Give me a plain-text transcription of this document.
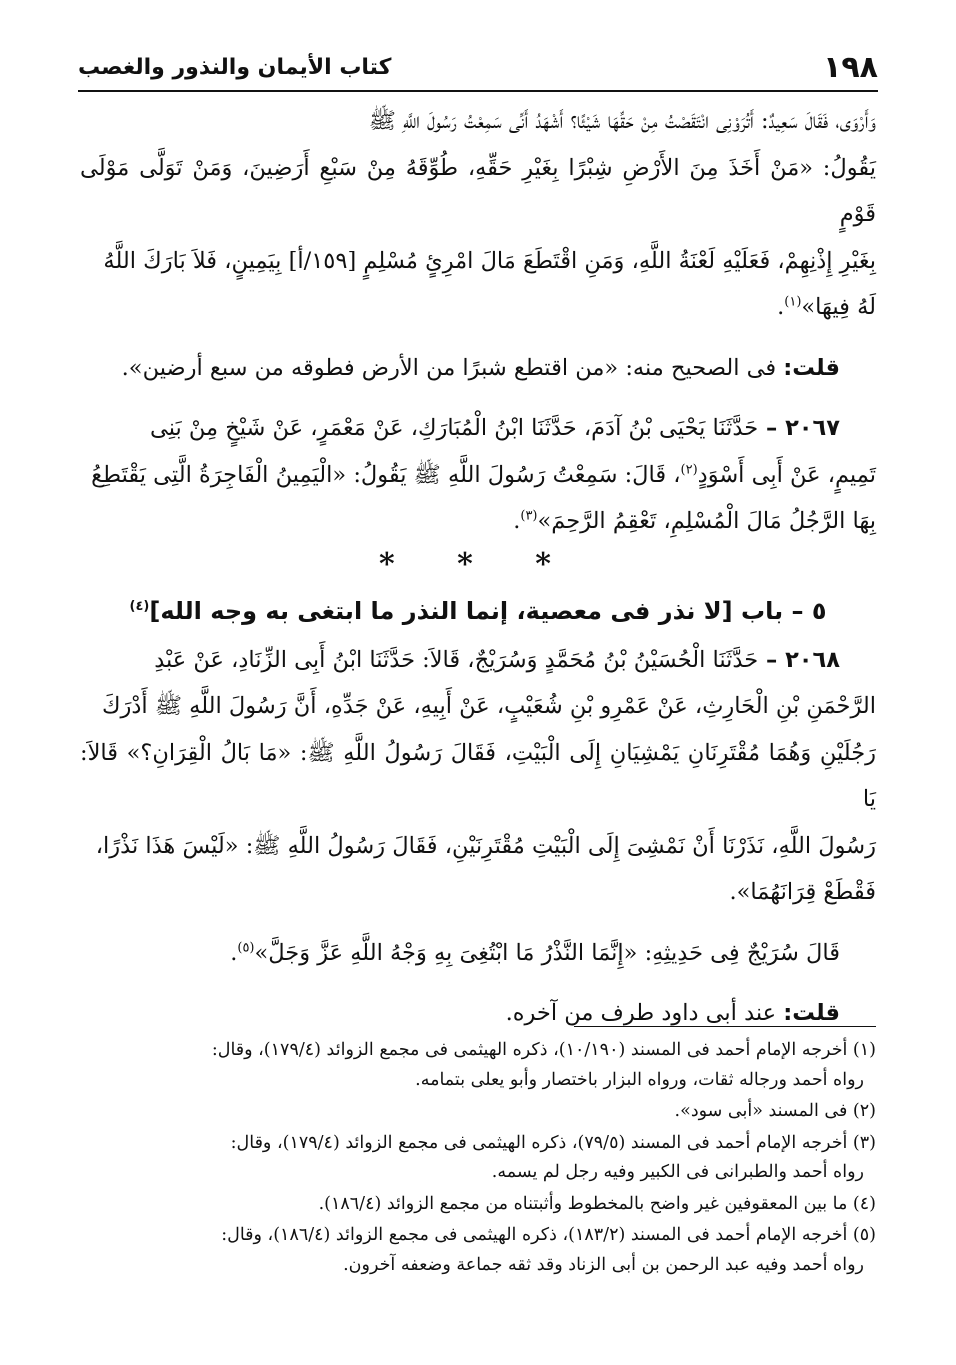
١٩٨
كتاب الأيمان والنذور والغصب

وَأَرْوَى، فَقَالَ سَعِيدٌ: أَتُرَوْنِى انْتَقَصْتُ مِنْ حَقِّهَا شَيْئًا؟ أَشْهَدُ أَنِّى سَمِعْتُ رَسُولَ اللَّهِ ﷺ

يَقُولُ: «مَنْ أَخَذَ مِنَ الأَرْضِ شِبْرًا بِغَيْرِ حَقِّهِ، طُوِّقَهُ مِنْ سَبْعِ أَرَضِينَ، وَمَنْ تَوَلَّى مَوْلَى قَوْمٍ

بِغَيْرِ إِذْنِهِمْ، فَعَلَيْهِ لَعْنَةُ اللَّهِ، وَمَنِ اقْتَطَعَ مَالَ امْرِئٍ مُسْلِمٍ [١٥٩/أ] بِيَمِينٍ، فَلاَ بَارَكَ اللَّهُ

لَهُ فِيهَا»$^{(١)}$.

قلت: فى الصحيح منه: «من اقتطع شبرًا من الأرض فطوقه من سبع أرضين».

٢٠٦٧ – حَدَّثَنَا يَحْيَى بْنُ آدَمَ، حَدَّثَنَا ابْنُ الْمُبَارَكِ، عَنْ مَعْمَرٍ، عَنْ شَيْخٍ مِنْ بَنِى

تَمِيمٍ، عَنْ أَبِى أَسْوَدٍ$^{(٢)}$، قَالَ: سَمِعْتُ رَسُولَ اللَّهِ ﷺ يَقُولُ: «الْيَمِينُ الْفَاجِرَةُ الَّتِى يَقْتَطِعُ

بِهَا الرَّجُلُ مَالَ الْمُسْلِمِ، تَعْقِمُ الرَّحِمَ»$^{(٣)}$.

* * *

٥ – باب [لا نذر فى معصية، إنما النذر ما ابتغى به وجه الله]$^{(٤)}$

٢٠٦٨ – حَدَّثَنَا الْحُسَيْنُ بْنُ مُحَمَّدٍ وَسُرَيْجٌ، قَالاَ: حَدَّثَنَا ابْنُ أَبِى الزِّنَادِ، عَنْ عَبْدِ

الرَّحْمَنِ بْنِ الْحَارِثِ، عَنْ عَمْرِو بْنِ شُعَيْبٍ، عَنْ أَبِيهِ، عَنْ جَدِّهِ، أَنَّ رَسُولَ اللَّهِ ﷺ أَدْرَكَ

رَجُلَيْنِ وَهُمَا مُقْتَرِنَانِ يَمْشِيَانِ إِلَى الْبَيْتِ، فَقَالَ رَسُولُ اللَّهِ ﷺ: «مَا بَالُ الْقِرَانِ؟» قَالاَ: يَا

رَسُولَ اللَّهِ، نَذَرْنَا أَنْ نَمْشِىَ إِلَى الْبَيْتِ مُقْتَرِنَيْنِ، فَقَالَ رَسُولُ اللَّهِ ﷺ: «لَيْسَ هَذَا نَذْرًا،

فَقْطَعْ قِرَانَهُمَا».

قَالَ سُرَيْجٌ فِى حَدِيثِهِ: «إِنَّمَا النَّذْرُ مَا ابْتُغِىَ بِهِ وَجْهُ اللَّهِ عَزَّ وَجَلَّ»$^{(٥)}$.

قلت: عند أبى داود طرف من آخره.

(١) أخرجه الإمام أحمد فى المسند (١٠/١٩٠)، ذكره الهيثمى فى مجمع الزوائد (١٧٩/٤)، وقال:

رواه أحمد ورجاله ثقات، ورواه البزار باختصار وأبو يعلى بتمامه.

(٢) فى المسند «أبى سود».

(٣) أخرجه الإمام أحمد فى المسند (٧٩/٥)، ذكره الهيثمى فى مجمع الزوائد (١٧٩/٤)، وقال:

رواه أحمد والطبرانى فى الكبير وفيه رجل لم يسمه.

(٤) ما بين المعقوفين غير واضح بالمخطوط وأثبتناه من مجمع الزوائد (١٨٦/٤).

(٥) أخرجه الإمام أحمد فى المسند (١٨٣/٢)، ذكره الهيثمى فى مجمع الزوائد (١٨٦/٤)، وقال:

رواه أحمد وفيه عبد الرحمن بن أبى الزناد وقد ثقه جماعة وضعفه آخرون.
